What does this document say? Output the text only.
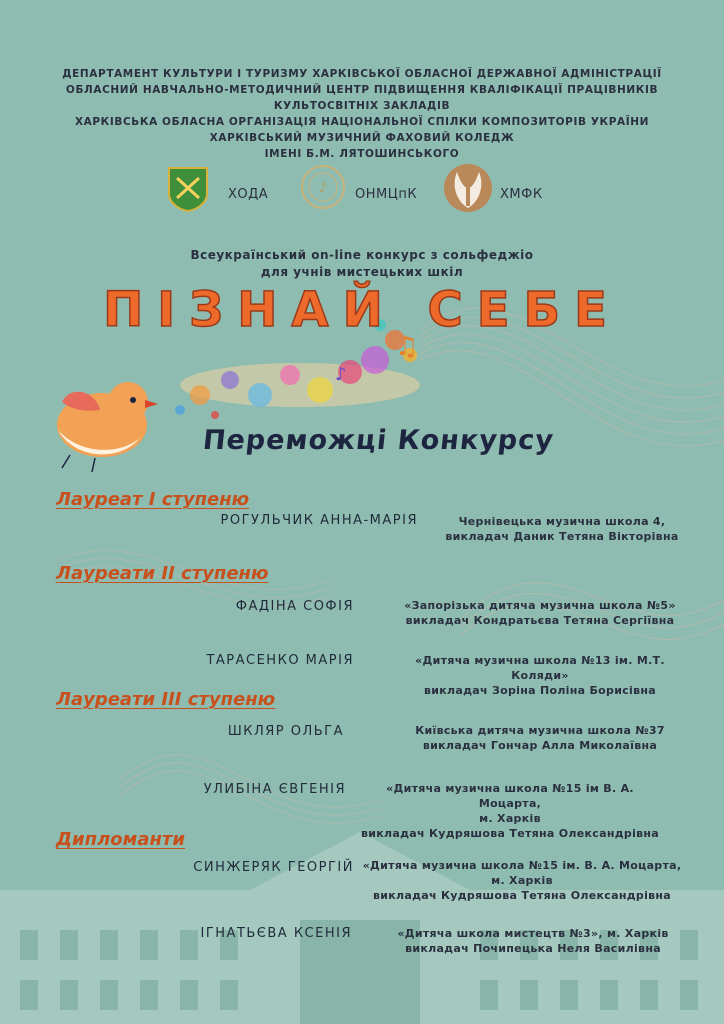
♫
♪
ДЕПАРТАМЕНТ КУЛЬТУРИ І ТУРИЗМУ ХАРКІВСЬКОЇ ОБЛАСНОЇ ДЕРЖАВНОЇ АДМІНІСТРАЦІЇ
ОБЛАСНИЙ НАВЧАЛЬНО-МЕТОДИЧНИЙ ЦЕНТР ПІДВИЩЕННЯ КВАЛІФІКАЦІЇ ПРАЦІВНИКІВ
КУЛЬТОСВІТНІХ ЗАКЛАДІВ
ХАРКІВСЬКА ОБЛАСНА ОРГАНІЗАЦІЯ НАЦІОНАЛЬНОЇ СПІЛКИ КОМПОЗИТОРІВ УКРАЇНИ
ХАРКІВСЬКИЙ МУЗИЧНИЙ ФАХОВИЙ КОЛЕДЖ
ІМЕНІ Б.М. ЛЯТОШИНСЬКОГО
ХОДА	♪ ОНМЦпК	ХМФК
Всеукраїнський on-line конкурс з сольфеджіо
для учнів мистецьких шкіл
ПІЗНАЙ СЕБЕ
Переможці Конкурсу
Лауреат І ступеню
Лауреати ІІ ступеню
Лауреати ІІІ ступеню
Дипломанти
РОГУЛЬЧИК АННА-МАРІЯ	Чернівецька музична школа 4,
викладач Даник Тетяна Вікторівна
ФАДІНА СОФІЯ	«Запорізька дитяча музична школа №5»
викладач Кондратьєва Тетяна Сергіївна
ТАРАСЕНКО МАРІЯ	«Дитяча музична школа №13 ім. М.Т. Коляди»
викладач Зоріна Поліна Борисівна
ШКЛЯР ОЛЬГА	Київська дитяча музична школа №37
викладач Гончар Алла Миколаївна
УЛИБІНА ЄВГЕНІЯ	«Дитяча музична школа №15 ім В. А. Моцарта,
м. Харків
викладач Кудряшова Тетяна Олександрівна
СИНЖЕРЯК ГЕОРГІЙ «Дитяча музична школа №15 ім. В. А. Моцарта,
м. Харків
викладач Кудряшова Тетяна Олександрівна
ІГНАТЬЄВА КСЕНІЯ	«Дитяча школа мистецтв №3», м. Харків
викладач Почипецька Неля Василівна
